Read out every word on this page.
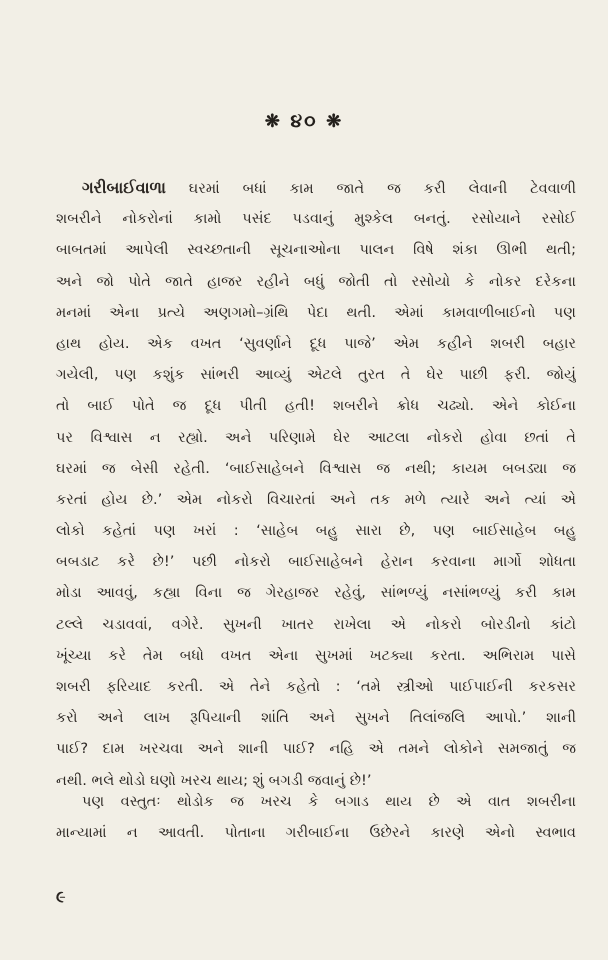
❋ ૪૦ ❋
ગરીબાઈવાળા ઘરમાં બધાં કામ જાતે જ કરી લેવાની ટેવવાળી
શબરીને નોકરોનાં કામો પસંદ પડવાનું મુશ્કેલ બનતું. રસોયાને રસોઈ
બાબતમાં આપેલી સ્વચ્છતાની સૂચનાઓના પાલન વિષે શંકા ઊભી થતી;
અને જો પોતે જાતે હાજર રહીને બધું જોતી તો રસોયો કે નોકર દરેકના
મનમાં એના પ્રત્યે અણગમો–ગ્રંથિ પેદા થતી. એમાં કામવાળીબાઈનો પણ
હાથ હોય. એક વખત ‘સુવર્ણાને દૂધ પાજે’ એમ કહીને શબરી બહાર
ગયેલી, પણ કશુંક સાંભરી આવ્યું એટલે તુરત તે ઘેર પાછી ફરી. જોયું
તો બાઈ પોતે જ દૂધ પીતી હતી! શબરીને ક્રોધ ચઢ્યો. એને કોઈના
પર વિશ્વાસ ન રહ્યો. અને પરિણામે ઘેર આટલા નોકરો હોવા છતાં તે
ઘરમાં જ બેસી રહેતી. ‘બાઈસાહેબને વિશ્વાસ જ નથી; કાયમ બબડ્યા જ
કરતાં હોય છે.’ એમ નોકરો વિચારતાં અને તક મળે ત્યારે અને ત્યાં એ
લોકો કહેતાં પણ ખરાં : ‘સાહેબ બહુ સારા છે, પણ બાઈસાહેબ બહુ
બબડાટ કરે છે!’ પછી નોકરો બાઈસાહેબને હેરાન કરવાના માર્ગો શોધતા
મોડા આવવું, કહ્યા વિના જ ગેરહાજર રહેવું, સાંભળ્યું નસાંભળ્યું કરી કામ
ટલ્લે ચડાવવાં, વગેરે. સુખની ખાતર રાખેલા એ નોકરો બોરડીનો કાંટો
ખૂંચ્યા કરે તેમ બધો વખત એના સુખમાં ખટક્યા કરતા. અભિરામ પાસે
શબરી ફરિયાદ કરતી. એ તેને કહેતો : ‘તમે સ્ત્રીઓ પાઈપાઈની કરકસર
કરો અને લાખ રૂપિયાની શાંતિ અને સુખને તિલાંજલિ આપો.’ શાની
પાઈ? દામ ખરચવા અને શાની પાઈ? નહિ એ તમને લોકોને સમજાતું જ
નથી. ભલે થોડો ઘણો ખરચ થાય; શું બગડી જવાનું છે!’
પણ વસ્તુતઃ થોડોક જ ખરચ કે બગાડ થાય છે એ વાત શબરીના
માન્યામાં ન આવતી. પોતાના ગરીબાઈના ઉછેરને કારણે એનો સ્વભાવ
૯
